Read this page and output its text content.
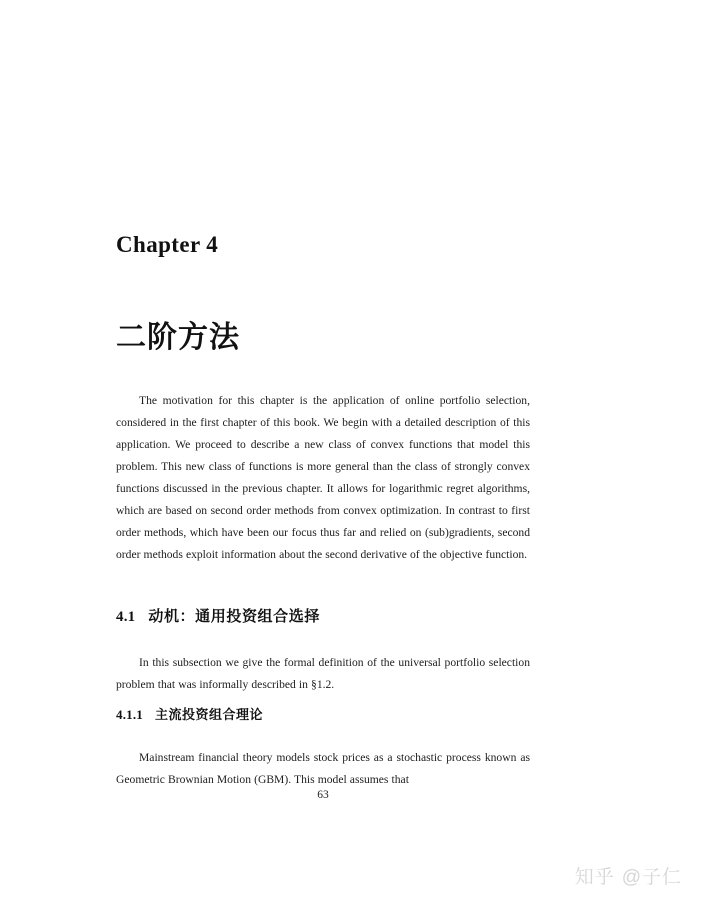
Chapter 4
二阶方法

The motivation for this chapter is the application of online portfolio selection, considered in the first chapter of this book. We begin with a detailed description of this application. We proceed to describe a new class of convex functions that model this problem. This new class of functions is more general than the class of strongly convex functions discussed in the previous chapter. It allows for logarithmic regret algorithms, which are based on second order methods from convex optimization. In contrast to first order methods, which have been our focus thus far and relied on (sub)gradients, second order methods exploit information about the second derivative of the objective function.

4.1 动机：通用投资组合选择

In this subsection we give the formal definition of the universal portfolio selection problem that was informally described in §1.2.

4.1.1 主流投资组合理论

Mainstream financial theory models stock prices as a stochastic process known as Geometric Brownian Motion (GBM). This model assumes that

63
知乎 @子仁
